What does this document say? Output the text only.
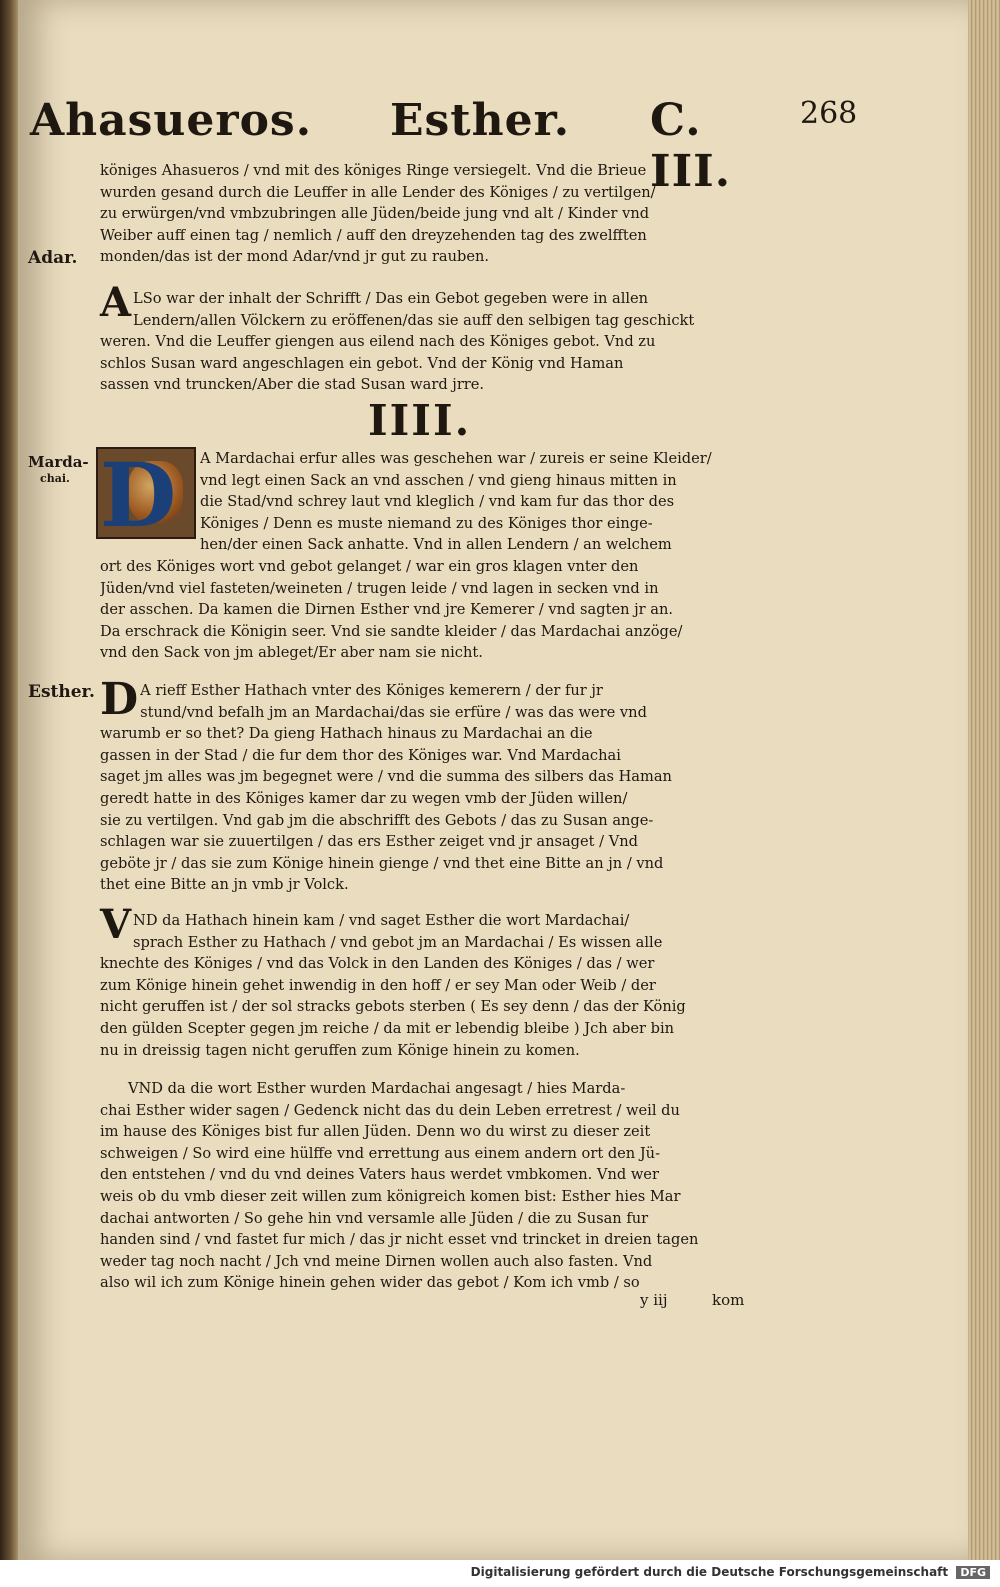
Ahasueros. Esther. C. III.
268
Adar.
Marda-
chai.
Esther.
königes Ahasueros / vnd mit des königes Ringe versiegelt. Vnd die Brieue
wurden gesand durch die Leuffer in alle Lender des Königes / zu vertilgen/
zu erwürgen/vnd vmbzubringen alle Jüden/beide jung vnd alt / Kinder vnd
Weiber auff einen tag / nemlich / auff den dreyzehenden tag des zwelfften
monden/das ist der mond Adar/vnd jr gut zu rauben.
A LSo war der inhalt der Schrifft / Das ein Gebot gegeben were in allen
Lendern/allen Völckern zu eröffenen/das sie auff den selbigen tag geschickt
weren. Vnd die Leuffer giengen aus eilend nach des Königes gebot. Vnd zu
schlos Susan ward angeschlagen ein gebot. Vnd der König vnd Haman
sassen vnd truncken/Aber die stad Susan ward jrre.
IIII.
D A Mardachai erfur alles was geschehen war / zureis er seine Kleider/
vnd legt einen Sack an vnd asschen / vnd gieng hinaus mitten in
die Stad/vnd schrey laut vnd kleglich / vnd kam fur das thor des
Königes / Denn es muste niemand zu des Königes thor einge-
hen/der einen Sack anhatte. Vnd in allen Lendern / an welchem
ort des Königes wort vnd gebot gelanget / war ein gros klagen vnter den
Jüden/vnd viel fasteten/weineten / trugen leide / vnd lagen in secken vnd in
der asschen. Da kamen die Dirnen Esther vnd jre Kemerer / vnd sagten jr an.
Da erschrack die Königin seer. Vnd sie sandte kleider / das Mardachai anzöge/
vnd den Sack von jm ableget/Er aber nam sie nicht.
D A rieff Esther Hathach vnter des Königes kemerern / der fur jr
stund/vnd befalh jm an Mardachai/das sie erfüre / was das were vnd
warumb er so thet? Da gieng Hathach hinaus zu Mardachai an die
gassen in der Stad / die fur dem thor des Königes war. Vnd Mardachai
saget jm alles was jm begegnet were / vnd die summa des silbers das Haman
geredt hatte in des Königes kamer dar zu wegen vmb der Jüden willen/
sie zu vertilgen. Vnd gab jm die abschrifft des Gebots / das zu Susan ange-
schlagen war sie zuuertilgen / das ers Esther zeiget vnd jr ansaget / Vnd
geböte jr / das sie zum Könige hinein gienge / vnd thet eine Bitte an jn / vnd
thet eine Bitte an jn vmb jr Volck.
V ND da Hathach hinein kam / vnd saget Esther die wort Mardachai/
sprach Esther zu Hathach / vnd gebot jm an Mardachai / Es wissen alle
knechte des Königes / vnd das Volck in den Landen des Königes / das / wer
zum Könige hinein gehet inwendig in den hoff / er sey Man oder Weib / der
nicht geruffen ist / der sol stracks gebots sterben ( Es sey denn / das der König
den gülden Scepter gegen jm reiche / da mit er lebendig bleibe ) Jch aber bin
nu in dreissig tagen nicht geruffen zum Könige hinein zu komen.
VND da die wort Esther wurden Mardachai angesagt / hies Marda-
chai Esther wider sagen / Gedenck nicht das du dein Leben erretrest / weil du
im hause des Königes bist fur allen Jüden. Denn wo du wirst zu dieser zeit
schweigen / So wird eine hülffe vnd errettung aus einem andern ort den Jü-
den entstehen / vnd du vnd deines Vaters haus werdet vmbkomen. Vnd wer
weis ob du vmb dieser zeit willen zum königreich komen bist: Esther hies Mar
dachai antworten / So gehe hin vnd versamle alle Jüden / die zu Susan fur
handen sind / vnd fastet fur mich / das jr nicht esset vnd trincket in dreien tagen
weder tag noch nacht / Jch vnd meine Dirnen wollen auch also fasten. Vnd
also wil ich zum Könige hinein gehen wider das gebot / Kom ich vmb / so
y iij	kom
Digitalisierung gefördert durch die Deutsche Forschungsgemeinschaft DFG
